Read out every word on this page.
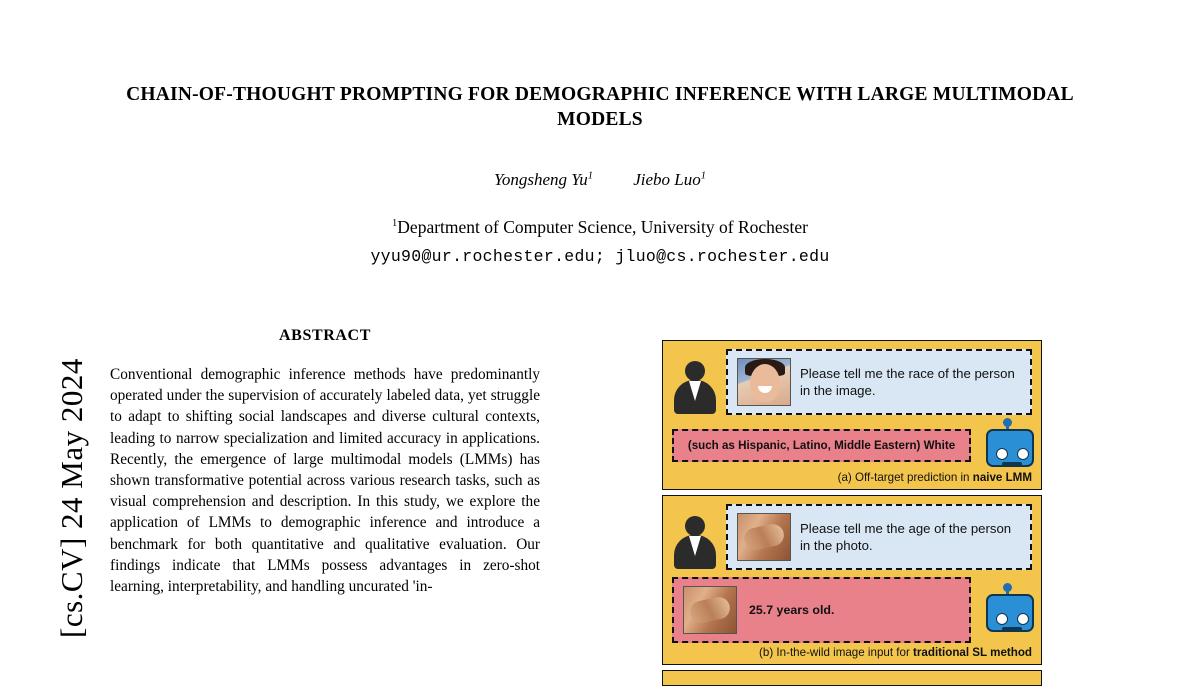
[cs.CV] 24 May 2024
CHAIN-OF-THOUGHT PROMPTING FOR DEMOGRAPHIC INFERENCE WITH LARGE MULTIMODAL MODELS
Yongsheng Yu$^1$ Jiebo Luo$^1$
$^1$Department of Computer Science, University of Rochester
yyu90@ur.rochester.edu; jluo@cs.rochester.edu
ABSTRACT
Conventional demographic inference methods have predominantly operated under the supervision of accurately labeled data, yet struggle to adapt to shifting social landscapes and diverse cultural contexts, leading to narrow specialization and limited accuracy in applications. Recently, the emergence of large multimodal models (LMMs) has shown transformative potential across various research tasks, such as visual comprehension and description. In this study, we explore the application of LMMs to demographic inference and introduce a benchmark for both quantitative and qualitative evaluation. Our findings indicate that LMMs possess advantages in zero-shot learning, interpretability, and handling uncurated 'in-
Please tell me the race of the person in the image.
(such as Hispanic, Latino, Middle Eastern) White
(a) Off-target prediction in naive LMM
Please tell me the age of the person in the photo.
25.7 years old.
(b) In-the-wild image input for traditional SL method
